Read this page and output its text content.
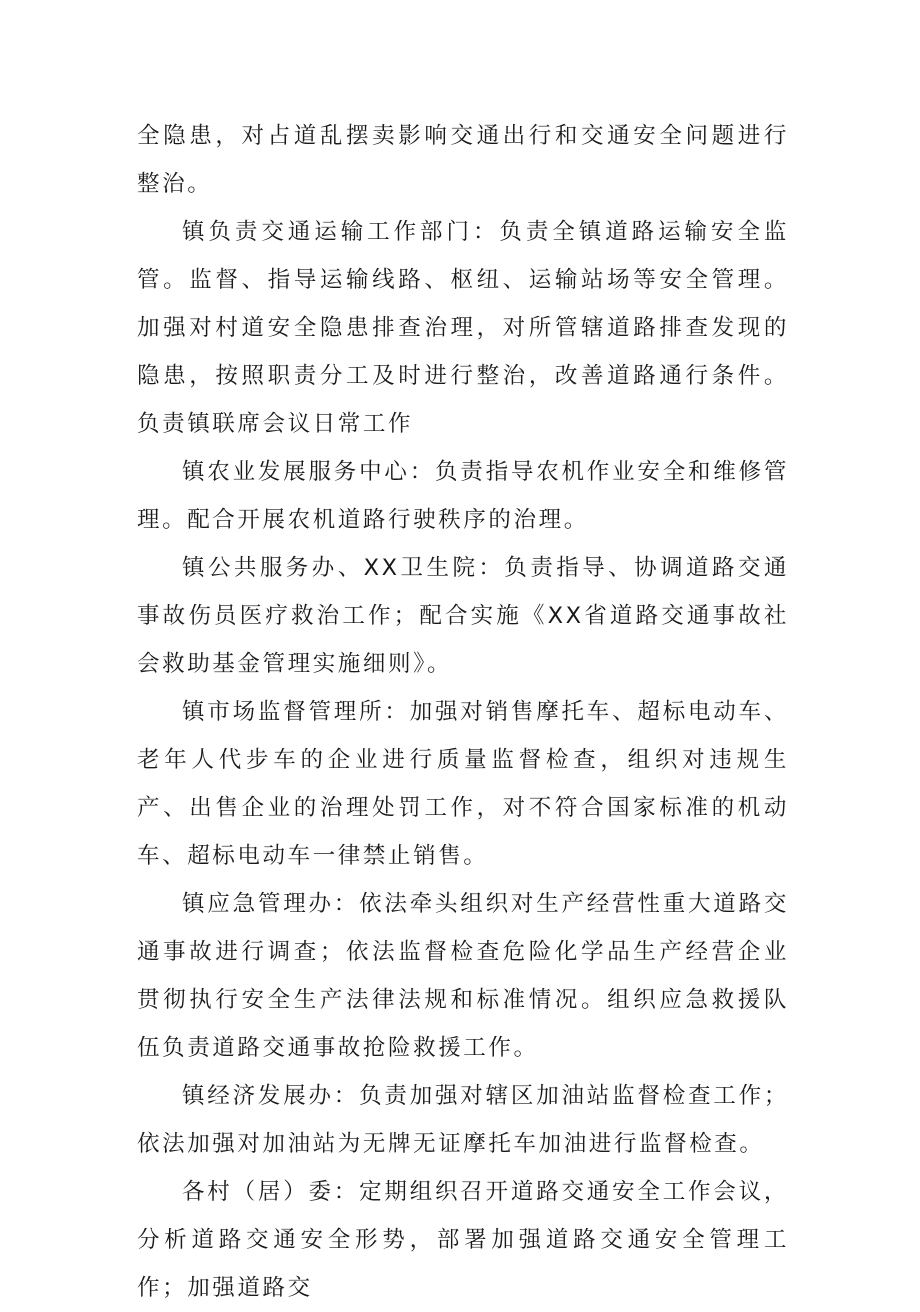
全隐患，对占道乱摆卖影响交通出行和交通安全问题进行整治。

镇负责交通运输工作部门：负责全镇道路运输安全监管。监督、指导运输线路、枢纽、运输站场等安全管理。加强对村道安全隐患排查治理，对所管辖道路排查发现的隐患，按照职责分工及时进行整治，改善道路通行条件。负责镇联席会议日常工作

镇农业发展服务中心：负责指导农机作业安全和维修管理。配合开展农机道路行驶秩序的治理。

镇公共服务办、XX卫生院：负责指导、协调道路交通事故伤员医疗救治工作；配合实施《XX省道路交通事故社会救助基金管理实施细则》。

镇市场监督管理所：加强对销售摩托车、超标电动车、老年人代步车的企业进行质量监督检查，组织对违规生产、出售企业的治理处罚工作，对不符合国家标准的机动车、超标电动车一律禁止销售。

镇应急管理办：依法牵头组织对生产经营性重大道路交通事故进行调查；依法监督检查危险化学品生产经营企业贯彻执行安全生产法律法规和标准情况。组织应急救援队伍负责道路交通事故抢险救援工作。

镇经济发展办：负责加强对辖区加油站监督检查工作；依法加强对加油站为无牌无证摩托车加油进行监督检查。

各村（居）委：定期组织召开道路交通安全工作会议，分析道路交通安全形势，部署加强道路交通安全管理工作；加强道路交
